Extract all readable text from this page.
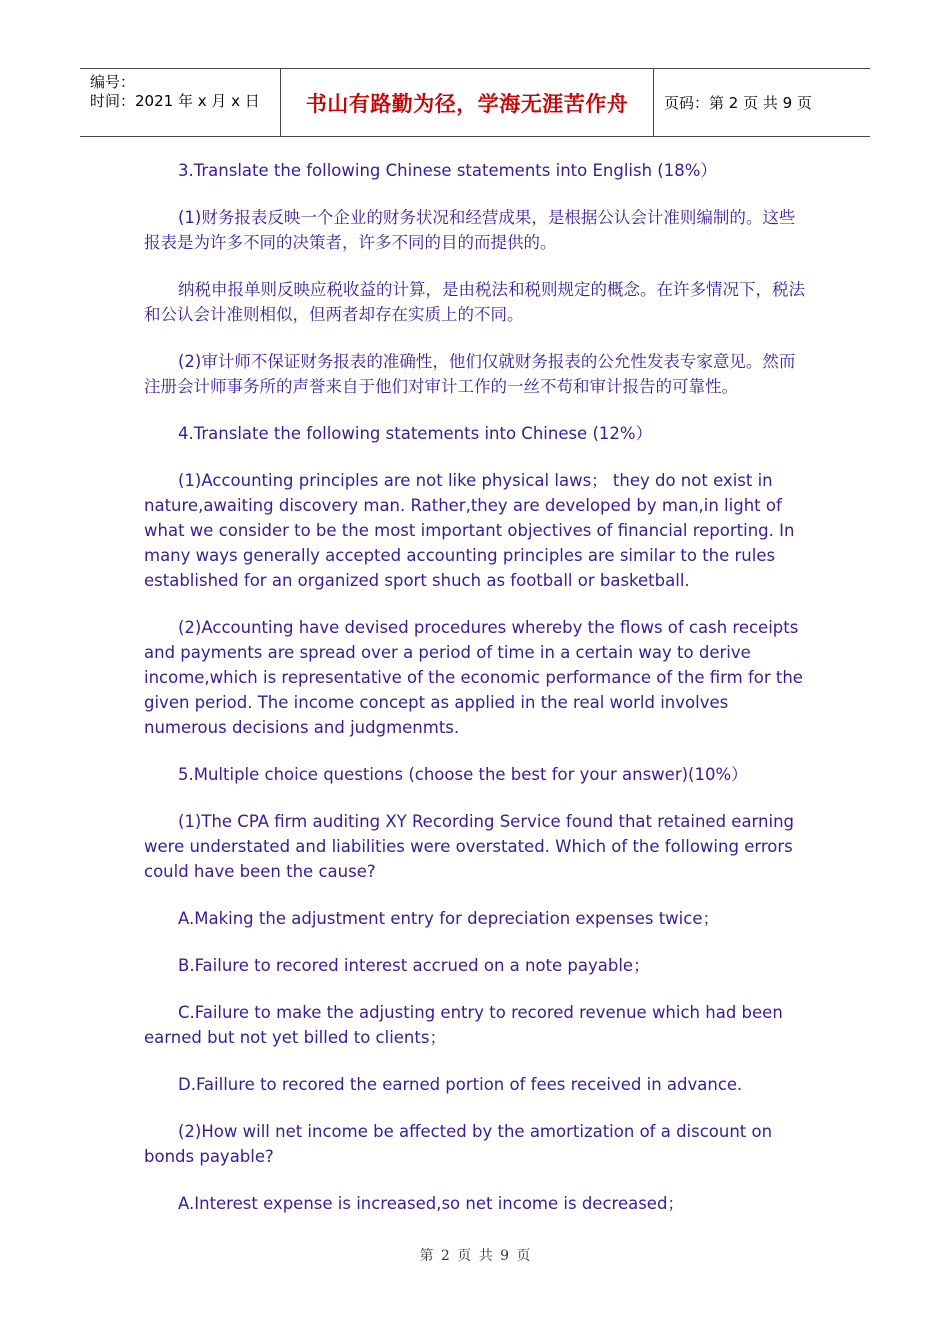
编号：
时间：2021 年 x 月 x 日	书山有路勤为径，学海无涯苦作舟 页码：第 2 页 共 9 页

3.Translate the following Chinese statements into English (18%）

(1)财务报表反映一个企业的财务状况和经营成果，是根据公认会计准则编制的。这些报表是为许多不同的决策者，许多不同的目的而提供的。

纳税申报单则反映应税收益的计算，是由税法和税则规定的概念。在许多情况下，税法和公认会计准则相似，但两者却存在实质上的不同。

(2)审计师不保证财务报表的准确性，他们仅就财务报表的公允性发表专家意见。然而注册会计师事务所的声誉来自于他们对审计工作的一丝不苟和审计报告的可靠性。

4.Translate the following statements into Chinese (12%）

(1)Accounting principles are not like physical laws； they do not exist in nature,awaiting discovery man. Rather,they are developed by man,in light of what we consider to be the most important objectives of financial reporting. In many ways generally accepted accounting principles are similar to the rules established for an organized sport shuch as football or basketball.

(2)Accounting have devised procedures whereby the flows of cash receipts and payments are spread over a period of time in a certain way to derive income,which is representative of the economic performance of the firm for the given period. The income concept as applied in the real world involves numerous decisions and judgmenmts.

5.Multiple choice questions (choose the best for your answer)(10%）

(1)The CPA firm auditing XY Recording Service found that retained earning were understated and liabilities were overstated. Which of the following errors could have been the cause?

A.Making the adjustment entry for depreciation expenses twice；

B.Failure to recored interest accrued on a note payable；

C.Failure to make the adjusting entry to recored revenue which had been earned but not yet billed to clients；

D.Faillure to recored the earned portion of fees received in advance.

(2)How will net income be affected by the amortization of a discount on bonds payable?

A.Interest expense is increased,so net income is decreased；

第 2 页 共 9 页
